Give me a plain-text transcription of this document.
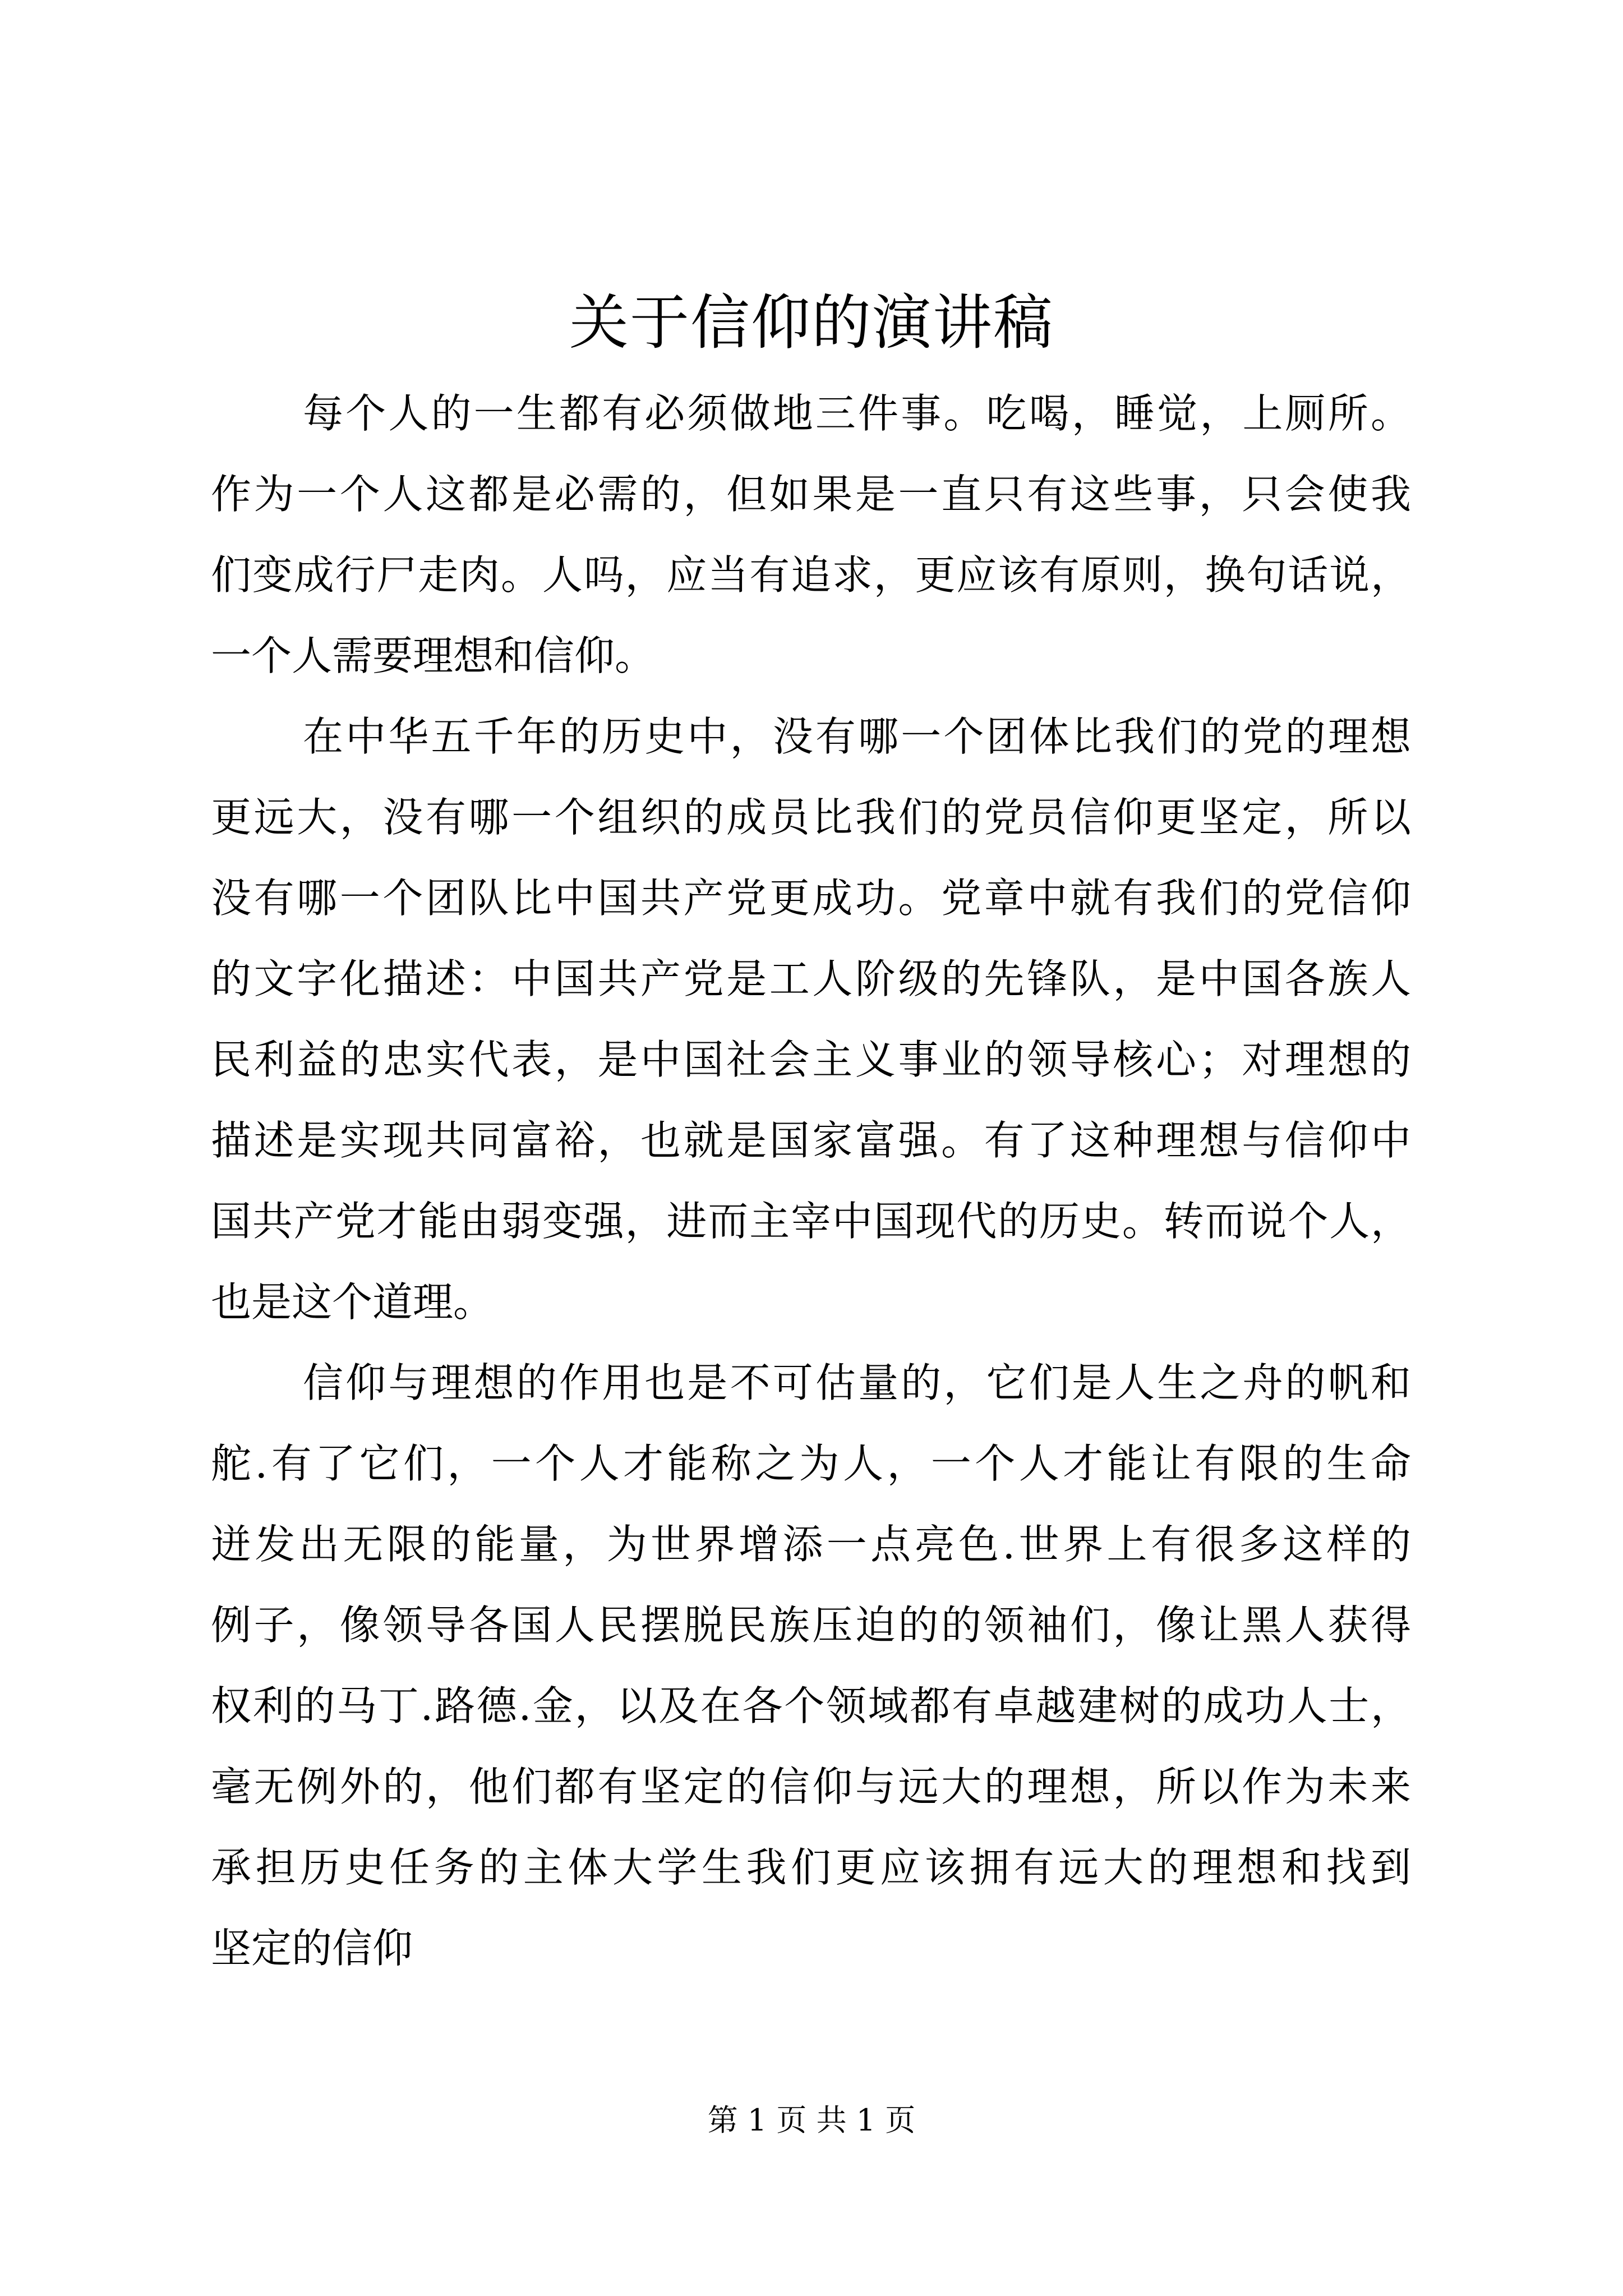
关于信仰的演讲稿
每个人的一生都有必须做地三件事。吃喝，睡觉，上厕所。
作为一个人这都是必需的，但如果是一直只有这些事，只会使我
们变成行尸走肉。人吗，应当有追求，更应该有原则，换句话说，
一个人需要理想和信仰。
在中华五千年的历史中，没有哪一个团体比我们的党的理想
更远大，没有哪一个组织的成员比我们的党员信仰更坚定，所以
没有哪一个团队比中国共产党更成功。党章中就有我们的党信仰
的文字化描述：中国共产党是工人阶级的先锋队，是中国各族人
民利益的忠实代表，是中国社会主义事业的领导核心；对理想的
描述是实现共同富裕，也就是国家富强。有了这种理想与信仰中
国共产党才能由弱变强，进而主宰中国现代的历史。转而说个人，
也是这个道理。
信仰与理想的作用也是不可估量的，它们是人生之舟的帆和
舵.有了它们，一个人才能称之为人，一个人才能让有限的生命
迸发出无限的能量，为世界增添一点亮色.世界上有很多这样的
例子，像领导各国人民摆脱民族压迫的的领袖们，像让黑人获得
权利的马丁.路德.金，以及在各个领域都有卓越建树的成功人士，
毫无例外的，他们都有坚定的信仰与远大的理想，所以作为未来
承担历史任务的主体大学生我们更应该拥有远大的理想和找到
坚定的信仰
第 1 页 共 1 页
